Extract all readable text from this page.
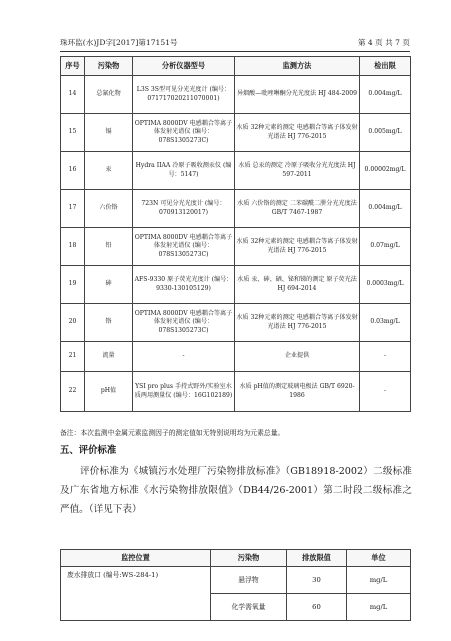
珠环监(水)JD字[2017]第17151号	第 4 页 共 7 页
序号	污染物	分析仪器型号	监测方法	检出限
14	总氰化物	L3S 3S型可见分光光度计 (编号：071717020211070001)	异烟酸—吡唑啉酮分光光度法 HJ 484-2009	0.004mg/L
15	镉	OPTIMA 8000DV 电感耦合等离子体发射光谱仪 (编号：078S1305273C)	水质 32种元素的测定 电感耦合等离子体发射光谱法 HJ 776-2015	0.005mg/L
16	汞	Hydra IIAA 冷原子吸收测汞仪 (编号：5147)	水质 总汞的测定 冷原子吸收分光光度法 HJ 597-2011	0.00002mg/L
17	六价铬	723N 可见分光光度计 (编号：070913120017)	水质 六价铬的测定 二苯碳酰二肼分光光度法 GB/T 7467-1987	0.004mg/L
18	铅	OPTIMA 8000DV 电感耦合等离子体发射光谱仪 (编号：078S1305273C)	水质 32种元素的测定 电感耦合等离子体发射光谱法 HJ 776-2015	0.07mg/L
19	砷	AFS-9330 原子荧光光度计 (编号：9330-130105129)	水质 汞、砷、硒、铋和锑的测定 原子荧光法 HJ 694-2014	0.0003mg/L
20	铬	OPTIMA 8000DV 电感耦合等离子体发射光谱仪 (编号：078S1305273C)	水质 32种元素的测定 电感耦合等离子体发射光谱法 HJ 776-2015	0.03mg/L
21	流量	-	企业提供	-
22	pH值	YSI pro plus 手持式野外/实验室水质两用测量仪 (编号：16G102189)	水质 pH值的测定玻璃电极法 GB/T 6920-1986	-
备注：本次监测中金属元素监测因子的测定值如无特别说明均为元素总量。
五、评价标准
评价标准为《城镇污水处理厂污染物排放标准》（GB18918-2002）二级标准及广东省地方标准《水污染物排放限值》（DB44/26-2001）第二时段二级标准之严值。（详见下表）
监控位置	污染物	排放限值	单位
废水排放口 (编号:WS-284-1)	悬浮物	30	mg/L
	化学需氧量	60	mg/L
